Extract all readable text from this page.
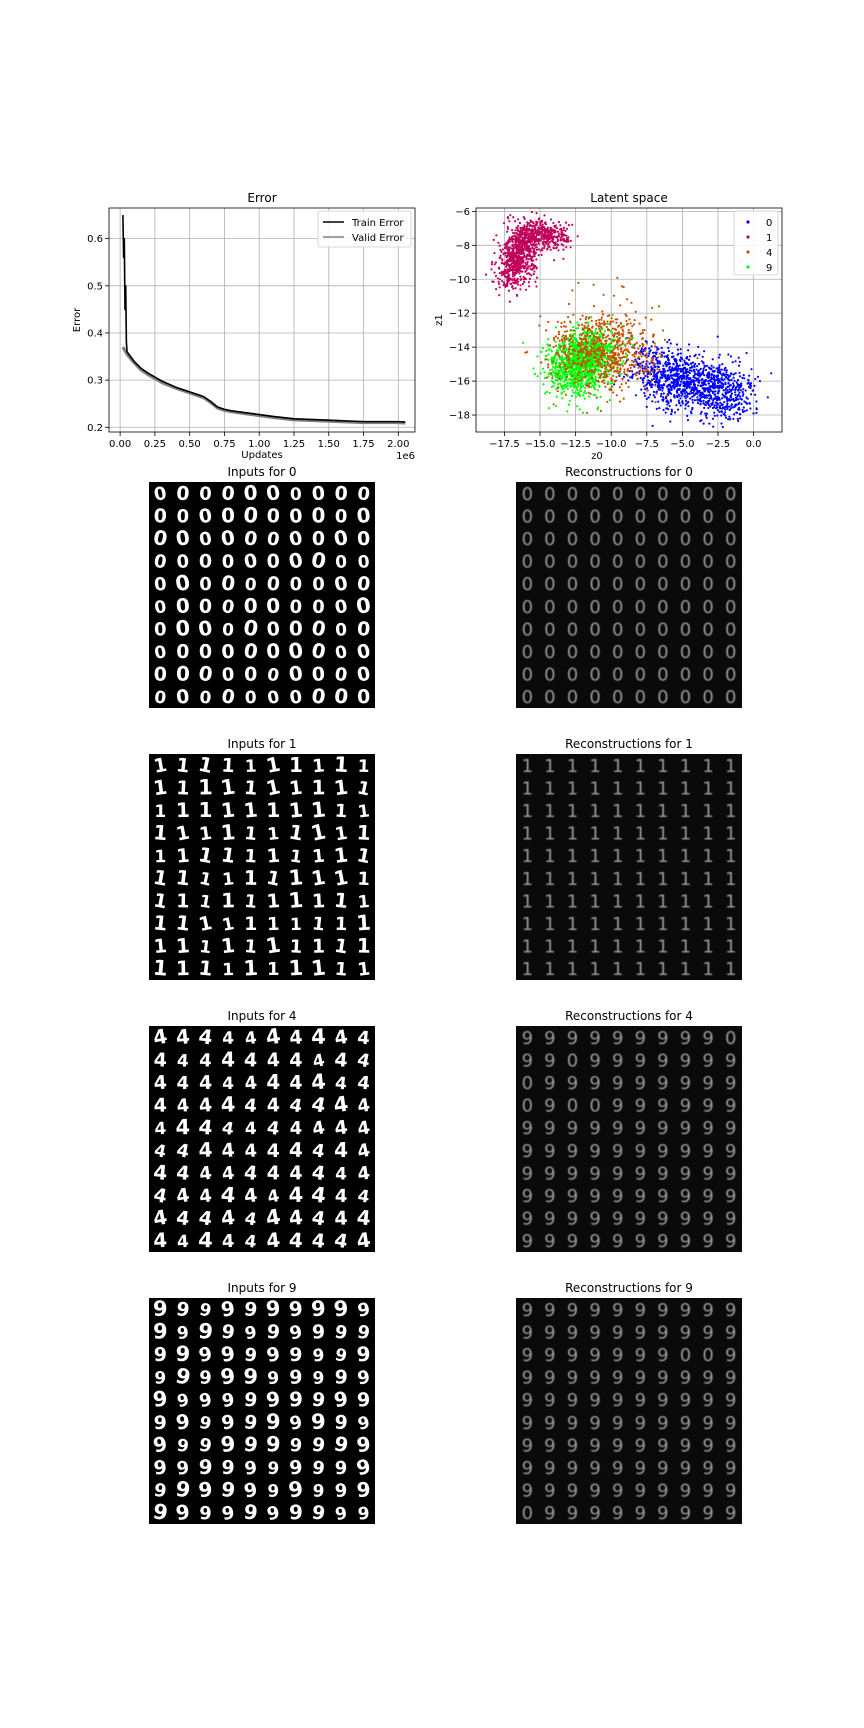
0.00 0.25 0.50 0.75 1.00 1.25 1.50 1.75 2.00
0.2
0.3
0.4
0.5
0.6
Error
Updates
Error
1e6
Train Error
Valid Error
−17.5 −15.0 −12.5 −10.0 −7.5 −5.0 −2.5 0.0
−18
−16
−14
−12
−10
−8
−6
Latent space
z0
z1
0
1
4
9
Inputs for 0
0 0 0 0 0 0 0 0 0 0
0 0 0 0 0 0 0 0 0 0
0 0 0 0 0 0 0 0 0 0
0 0 0 0 0 0 0 0 0 0
0 0 0 0 0 0 0 0 0 0
0 0 0 0 0 0 0 0 0 0
0 0 0 0 0 0 0 0 0 0
0 0 0 0 0 0 0 0 0 0
0 0 0 0 0 0 0 0 0 0
0 0 0 0 0 0 0 0 0 0
Reconstructions for 0
0 0 0 0 0 0 0 0 0 0
0 0 0 0 0 0 0 0 0 0
0 0 0 0 0 0 0 0 0 0
0 0 0 0 0 0 0 0 0 0
0 0 0 0 0 0 0 0 0 0
0 0 0 0 0 0 0 0 0 0
0 0 0 0 0 0 0 0 0 0
0 0 0 0 0 0 0 0 0 0
0 0 0 0 0 0 0 0 0 0
0 0 0 0 0 0 0 0 0 0
Inputs for 1
1 1 1 1 1 1 1 1 1 1
1 1 1 1 1 1 1 1 1 1
1 1 1 1 1 1 1 1 1 1
1 1 1 1 1 1 1 1 1 1
1 1 1 1 1 1 1 1 1 1
1 1 1 1 1 1 1 1 1 1
1 1 1 1 1 1 1 1 1 1
1 1 1 1 1 1 1 1 1 1
1 1 1 1 1 1 1 1 1 1
1 1 1 1 1 1 1 1 1 1
Reconstructions for 1
1 1 1 1 1 1 1 1 1 1
1 1 1 1 1 1 1 1 1 1
1 1 1 1 1 1 1 1 1 1
1 1 1 1 1 1 1 1 1 1
1 1 1 1 1 1 1 1 1 1
1 1 1 1 1 1 1 1 1 1
1 1 1 1 1 1 1 1 1 1
1 1 1 1 1 1 1 1 1 1
1 1 1 1 1 1 1 1 1 1
1 1 1 1 1 1 1 1 1 1
Inputs for 4
4 4 4 4 4 4 4 4 4 4
4 4 4 4 4 4 4 4 4 4
4 4 4 4 4 4 4 4 4 4
4 4 4 4 4 4 4 4 4 4
4 4 4 4 4 4 4 4 4 4
4 4 4 4 4 4 4 4 4 4
4 4 4 4 4 4 4 4 4 4
4 4 4 4 4 4 4 4 4 4
4 4 4 4 4 4 4 4 4 4
4 4 4 4 4 4 4 4 4 4
Reconstructions for 4
9 9 9 9 9 9 9 9 9 0
9 9 0 9 9 9 9 9 9 9
0 9 9 9 9 9 9 9 9 9
0 9 0 0 9 9 9 9 9 9
9 9 9 9 9 9 9 9 9 9
9 9 9 9 9 9 9 9 9 9
9 9 9 9 9 9 9 9 9 9
9 9 9 9 9 9 9 9 9 9
9 9 9 9 9 9 9 9 9 9
9 9 9 9 9 9 9 9 9 9
Inputs for 9
9 9 9 9 9 9 9 9 9 9
9 9 9 9 9 9 9 9 9 9
9 9 9 9 9 9 9 9 9 9
9 9 9 9 9 9 9 9 9 9
9 9 9 9 9 9 9 9 9 9
9 9 9 9 9 9 9 9 9 9
9 9 9 9 9 9 9 9 9 9
9 9 9 9 9 9 9 9 9 9
9 9 9 9 9 9 9 9 9 9
9 9 9 9 9 9 9 9 9 9
Reconstructions for 9
9 9 9 9 9 9 9 9 9 9
9 9 9 9 9 9 9 9 9 9
9 9 9 9 9 9 9 0 0 9
9 9 9 9 9 9 9 9 9 9
9 9 9 9 9 9 9 9 9 9
9 9 9 9 9 9 9 9 9 9
9 9 9 9 9 9 9 9 9 9
9 9 9 9 9 9 9 9 9 9
9 9 9 9 9 9 9 9 9 9
0 9 9 9 9 9 9 9 9 9
